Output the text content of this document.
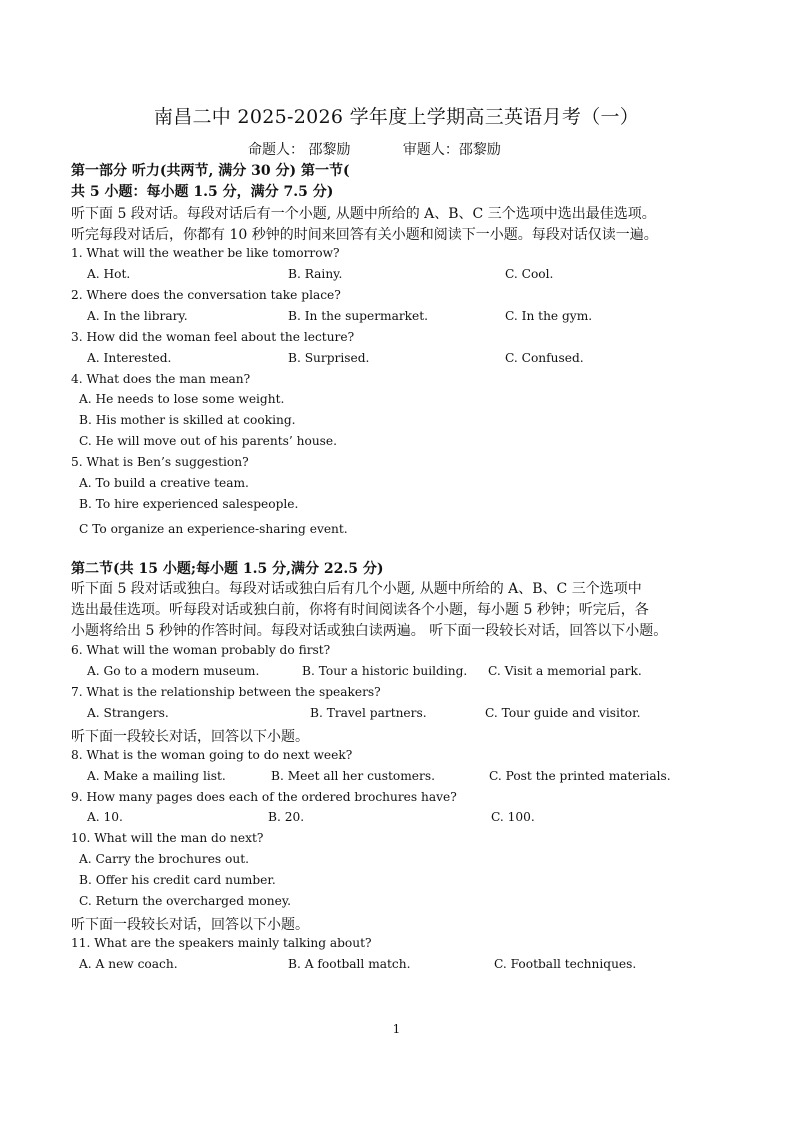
南昌二中 2025-2026 学年度上学期高三英语月考（一）
命题人： 邵黎励	审题人：邵黎励
第一部分 听力(共两节, 满分 30 分) 第一节(
共 5 小题：每小题 1.5 分，满分 7.5 分)
听下面 5 段对话。每段对话后有一个小题, 从题中所给的 A、B、C 三个选项中选出最佳选项。
听完每段对话后，你都有 10 秒钟的时间来回答有关小题和阅读下一小题。每段对话仅读一遍。
1. What will the weather be like tomorrow?
A. Hot.	B. Rainy.	C. Cool.
2. Where does the conversation take place?
A. In the library.	B. In the supermarket.	C. In the gym.
3. How did the woman feel about the lecture?
A. Interested.	B. Surprised.	C. Confused.
4. What does the man mean?
A. He needs to lose some weight.
B. His mother is skilled at cooking.
C. He will move out of his parents’ house.
5. What is Ben’s suggestion?
A. To build a creative team.
B. To hire experienced salespeople.
C To organize an experience-sharing event.
第二节(共 15 小题;每小题 1.5 分,满分 22.5 分)
听下面 5 段对话或独白。每段对话或独白后有几个小题, 从题中所给的 A、B、C 三个选项中
选出最佳选项。听每段对话或独白前，你将有时间阅读各个小题，每小题 5 秒钟；听完后，各
小题将给出 5 秒钟的作答时间。每段对话或独白读两遍。 听下面一段较长对话，回答以下小题。
6. What will the woman probably do first?
A. Go to a modern museum.	B. Tour a historic building. C. Visit a memorial park.
7. What is the relationship between the speakers?
A. Strangers.	B. Travel partners.	C. Tour guide and visitor.
听下面一段较长对话，回答以下小题。
8. What is the woman going to do next week?
A. Make a mailing list.	B. Meet all her customers.	C. Post the printed materials.
9. How many pages does each of the ordered brochures have?
A. 10.	B. 20.	C. 100.
10. What will the man do next?
A. Carry the brochures out.
B. Offer his credit card number.
C. Return the overcharged money.
听下面一段较长对话，回答以下小题。
11. What are the speakers mainly talking about?
A. A new coach.	B. A football match.	C. Football techniques.
1
